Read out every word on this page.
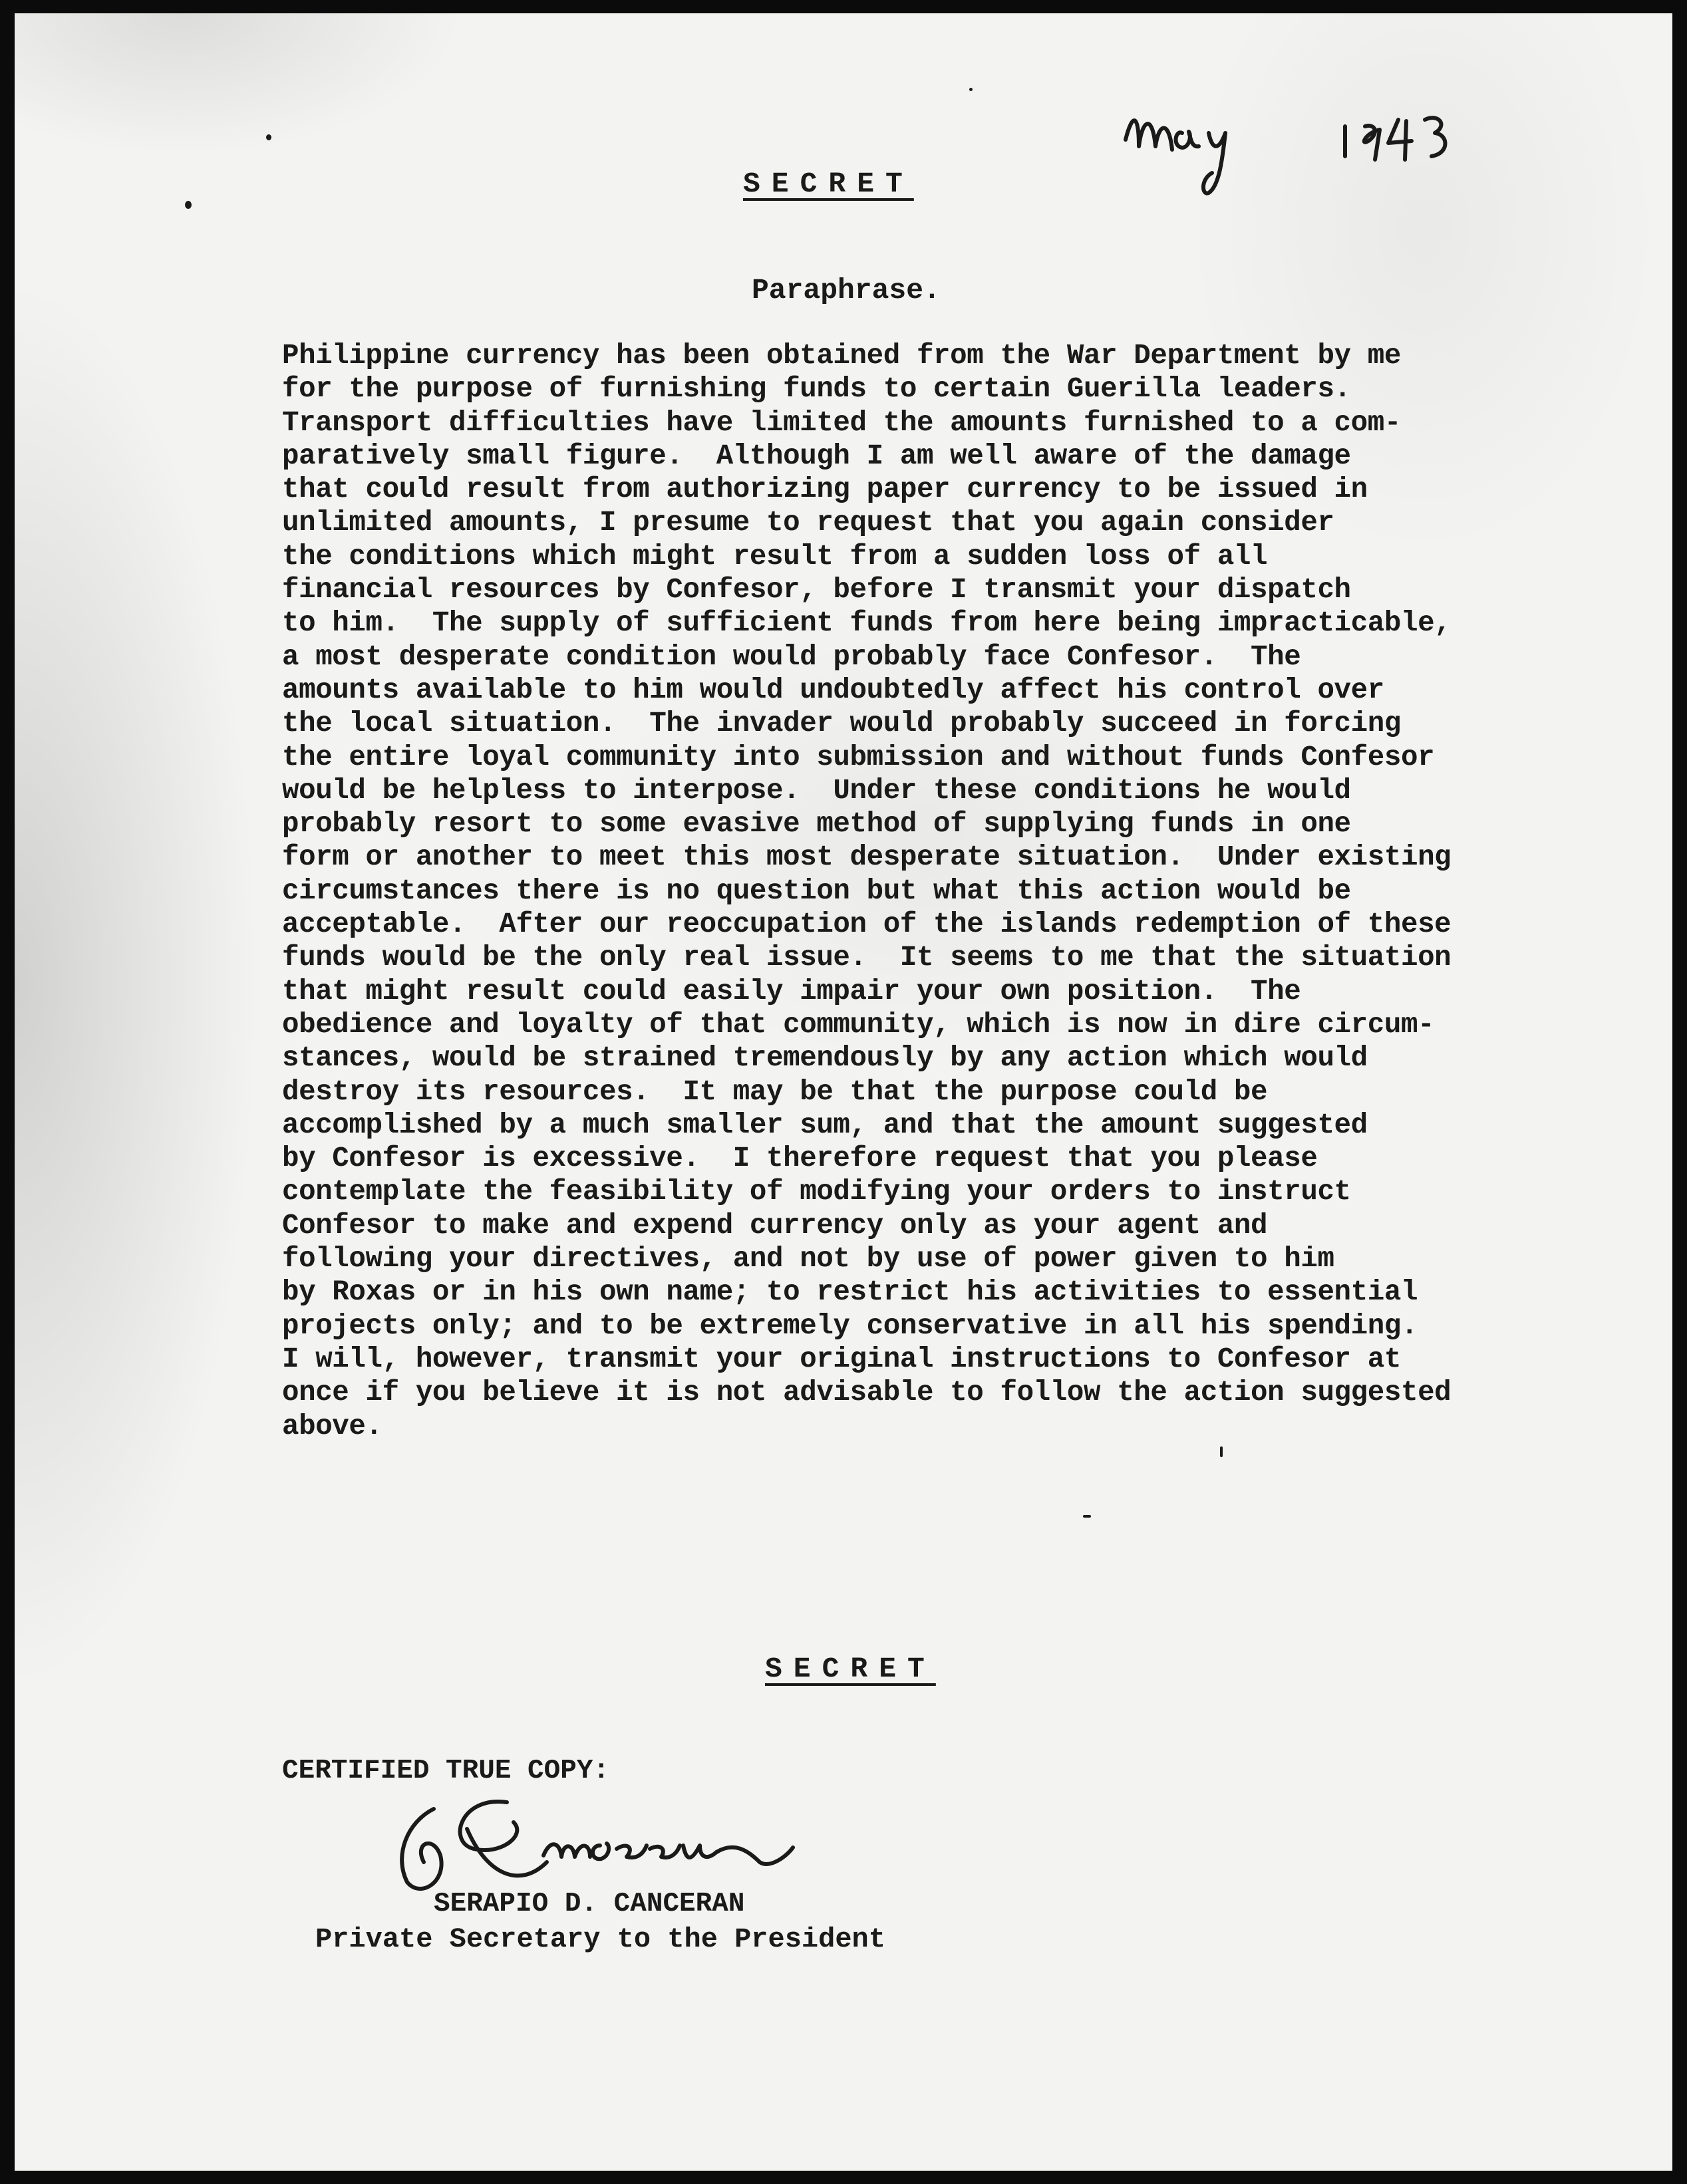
SECRET
Paraphrase.
Philippine currency has been obtained from the War Department by me
for the purpose of furnishing funds to certain Guerilla leaders.
Transport difficulties have limited the amounts furnished to a com-
paratively small figure.  Although I am well aware of the damage
that could result from authorizing paper currency to be issued in
unlimited amounts, I presume to request that you again consider
the conditions which might result from a sudden loss of all
financial resources by Confesor, before I transmit your dispatch
to him.  The supply of sufficient funds from here being impracticable,
a most desperate condition would probably face Confesor.  The
amounts available to him would undoubtedly affect his control over
the local situation.  The invader would probably succeed in forcing
the entire loyal community into submission and without funds Confesor
would be helpless to interpose.  Under these conditions he would
probably resort to some evasive method of supplying funds in one
form or another to meet this most desperate situation.  Under existing
circumstances there is no question but what this action would be
acceptable.  After our reoccupation of the islands redemption of these
funds would be the only real issue.  It seems to me that the situation
that might result could easily impair your own position.  The
obedience and loyalty of that community, which is now in dire circum-
stances, would be strained tremendously by any action which would
destroy its resources.  It may be that the purpose could be
accomplished by a much smaller sum, and that the amount suggested
by Confesor is excessive.  I therefore request that you please
contemplate the feasibility of modifying your orders to instruct
Confesor to make and expend currency only as your agent and
following your directives, and not by use of power given to him
by Roxas or in his own name; to restrict his activities to essential
projects only; and to be extremely conservative in all his spending.
I will, however, transmit your original instructions to Confesor at
once if you believe it is not advisable to follow the action suggested
above.
SECRET
CERTIFIED TRUE COPY:
SERAPIO D. CANCERAN
Private Secretary to the President
